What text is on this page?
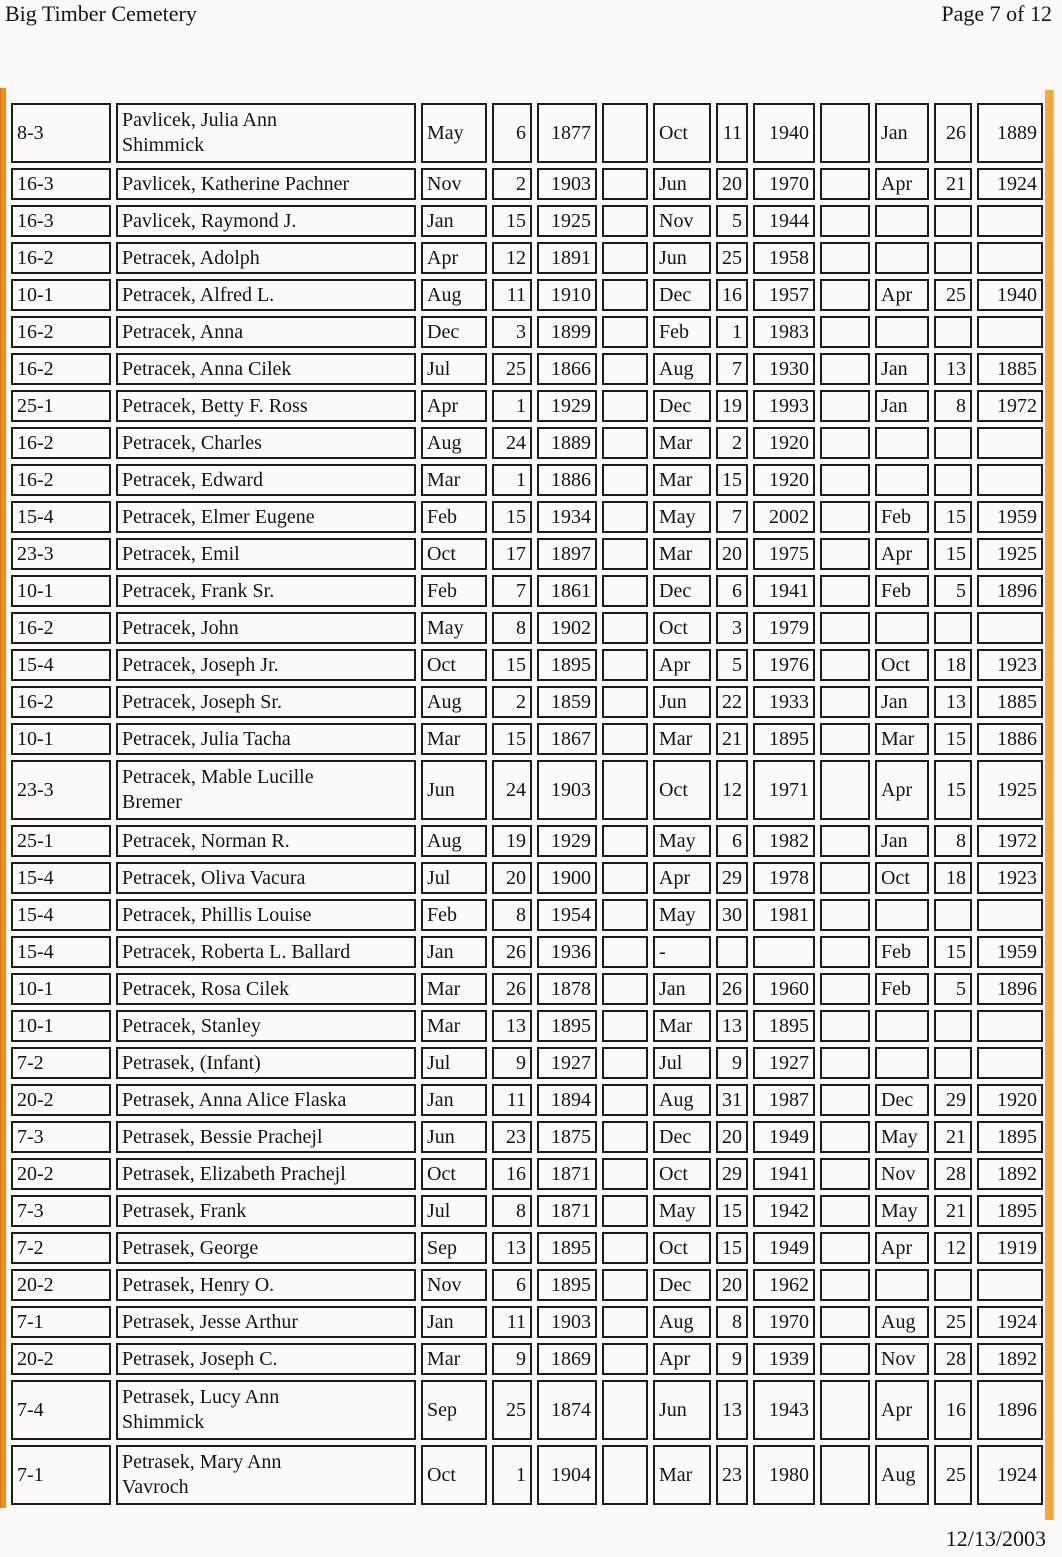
Big Timber Cemetery	Page 7 of 12
8-3	Pavlicek, Julia Ann
Shimmick	May	6	1877		Oct	11	1940		Jan	26	1889
16-3	Pavlicek, Katherine Pachner	Nov	2	1903		Jun	20	1970		Apr	21	1924
16-3	Pavlicek, Raymond J.	Jan	15	1925		Nov	5	1944				
16-2	Petracek, Adolph	Apr	12	1891		Jun	25	1958				
10-1	Petracek, Alfred L.	Aug	11	1910		Dec	16	1957		Apr	25	1940
16-2	Petracek, Anna	Dec	3	1899		Feb	1	1983				
16-2	Petracek, Anna Cilek	Jul	25	1866		Aug	7	1930		Jan	13	1885
25-1	Petracek, Betty F. Ross	Apr	1	1929		Dec	19	1993		Jan	8	1972
16-2	Petracek, Charles	Aug	24	1889		Mar	2	1920				
16-2	Petracek, Edward	Mar	1	1886		Mar	15	1920				
15-4	Petracek, Elmer Eugene	Feb	15	1934		May	7	2002		Feb	15	1959
23-3	Petracek, Emil	Oct	17	1897		Mar	20	1975		Apr	15	1925
10-1	Petracek, Frank Sr.	Feb	7	1861		Dec	6	1941		Feb	5	1896
16-2	Petracek, John	May	8	1902		Oct	3	1979				
15-4	Petracek, Joseph Jr.	Oct	15	1895		Apr	5	1976		Oct	18	1923
16-2	Petracek, Joseph Sr.	Aug	2	1859		Jun	22	1933		Jan	13	1885
10-1	Petracek, Julia Tacha	Mar	15	1867		Mar	21	1895		Mar	15	1886
23-3	Petracek, Mable Lucille
Bremer	Jun	24	1903		Oct	12	1971		Apr	15	1925
25-1	Petracek, Norman R.	Aug	19	1929		May	6	1982		Jan	8	1972
15-4	Petracek, Oliva Vacura	Jul	20	1900		Apr	29	1978		Oct	18	1923
15-4	Petracek, Phillis Louise	Feb	8	1954		May	30	1981				
15-4	Petracek, Roberta L. Ballard	Jan	26	1936		-				Feb	15	1959
10-1	Petracek, Rosa Cilek	Mar	26	1878		Jan	26	1960		Feb	5	1896
10-1	Petracek, Stanley	Mar	13	1895		Mar	13	1895				
7-2	Petrasek, (Infant)	Jul	9	1927		Jul	9	1927				
20-2	Petrasek, Anna Alice Flaska	Jan	11	1894		Aug	31	1987		Dec	29	1920
7-3	Petrasek, Bessie Prachejl	Jun	23	1875		Dec	20	1949		May	21	1895
20-2	Petrasek, Elizabeth Prachejl	Oct	16	1871		Oct	29	1941		Nov	28	1892
7-3	Petrasek, Frank	Jul	8	1871		May	15	1942		May	21	1895
7-2	Petrasek, George	Sep	13	1895		Oct	15	1949		Apr	12	1919
20-2	Petrasek, Henry O.	Nov	6	1895		Dec	20	1962				
7-1	Petrasek, Jesse Arthur	Jan	11	1903		Aug	8	1970		Aug	25	1924
20-2	Petrasek, Joseph C.	Mar	9	1869		Apr	9	1939		Nov	28	1892
7-4	Petrasek, Lucy Ann
Shimmick	Sep	25	1874		Jun	13	1943		Apr	16	1896
7-1	Petrasek, Mary Ann
Vavroch	Oct	1	1904		Mar	23	1980		Aug	25	1924
12/13/2003
